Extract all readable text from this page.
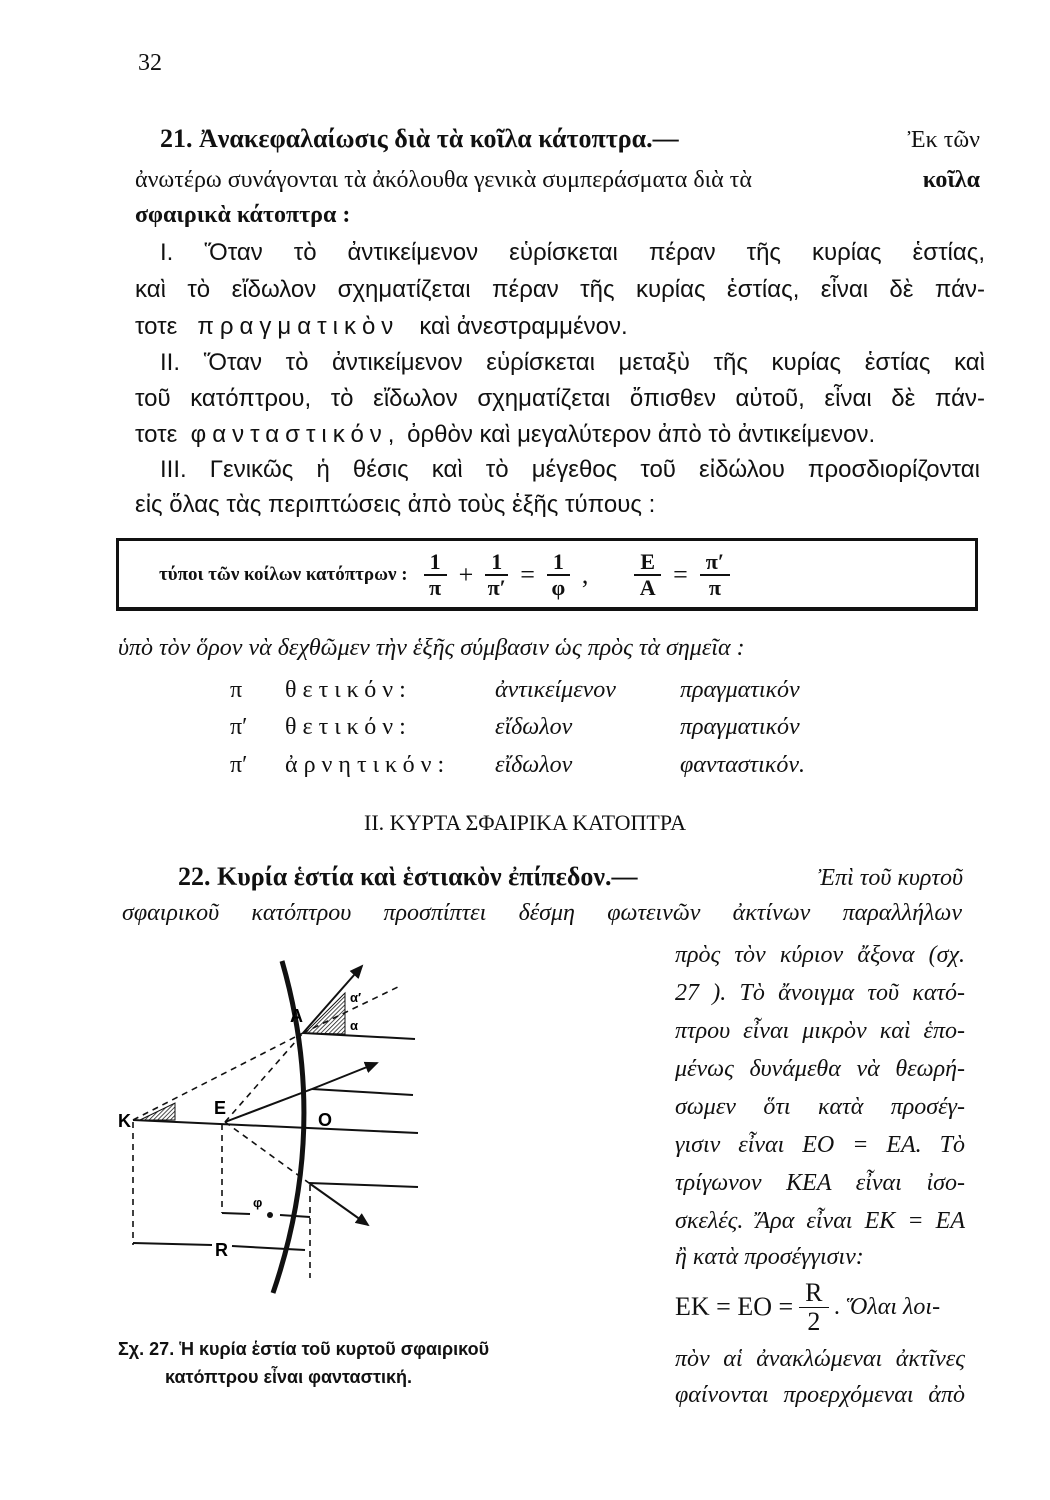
32
21. Ἀνακεφαλαίωσις διὰ τὰ κοῖλα κάτοπτρα.—	Ἐκ τῶν
ἀνωτέρω συνάγονται τὰ ἀκόλουθα γενικὰ συμπεράσματα διὰ τὰ	κοῖλα
σφαιρικὰ κάτοπτρα :
I. Ὅταν τὸ ἀντικείμενον εὑρίσκεται πέραν τῆς κυρίας ἑστίας,
καὶ τὸ εἴδωλον σχηματίζεται πέραν τῆς κυρίας ἑστίας, εἶναι δὲ πάν-
τοτε πραγματικὸν καὶ ἀνεστραμμένον.
II. Ὅταν τὸ ἀντικείμενον εὑρίσκεται μεταξὺ τῆς κυρίας ἑστίας καὶ
τοῦ κατόπτρου, τὸ εἴδωλον σχηματίζεται ὄπισθεν αὐτοῦ, εἶναι δὲ πάν-
τοτε φανταστικόν, ὀρθὸν καὶ μεγαλύτερον ἀπὸ τὸ ἀντικείμενον.
III. Γενικῶς ἡ θέσις καὶ τὸ μέγεθος τοῦ εἰδώλου προσδιορίζονται
εἰς ὅλας τὰς περιπτώσεις ἀπὸ τοὺς ἑξῆς τύπους :
τύποι τῶν κοίλων κατόπτρων : $\frac{1}{\pi} + \frac{1}{\pi'} = \frac{1}{\varphi}$ , $\frac{E}{A} = \frac{\pi'}{\pi}$
ὑπὸ τὸν ὅρον νὰ δεχθῶμεν τὴν ἑξῆς σύμβασιν ὡς πρὸς τὰ σημεῖα :
π θετικόν:	ἀντικείμενον	πραγματικόν
π′ θετικόν:	εἴδωλον	πραγματικόν
π′ ἀρνητικόν: εἴδωλον	φανταστικόν.
II. ΚΥΡΤΑ ΣΦΑΙΡΙΚΑ ΚΑΤΟΠΤΡΑ
22. Κυρία ἑστία καὶ ἑστιακὸν ἐπίπεδον.—	Ἐπὶ τοῦ κυρτοῦ
σφαιρικοῦ κατόπτρου προσπίπτει δέσμη φωτεινῶν ἀκτίνων παραλλήλων
πρὸς τὸν κύριον ἄξονα (σχ.
27 ). Τὸ ἄνοιγμα τοῦ κατό-
πτρου εἶναι μικρὸν καὶ ἑπο-
μένως δυνάμεθα νὰ θεωρή-
σωμεν ὅτι κατὰ προσέγ-
γισιν εἶναι ΕΟ = ΕΑ. Τὸ
τρίγωνον ΚΕΑ εἶναι ἰσο-
σκελές. Ἄρα εἶναι ΕΚ = ΕΑ
ἢ κατὰ προσέγγισιν:
$EK = EO = \frac{R}{2}$ . Ὅλαι λοι-
πὸν αἱ ἀνακλώμεναι ἀκτῖνες
φαίνονται προερχόμεναι ἀπὸ
K
E
O
A
R
α
α′
φ
Σχ. 27. Ἡ κυρία ἑστία τοῦ κυρτοῦ σφαιρικοῦ
κατόπτρου εἶναι φανταστική.
